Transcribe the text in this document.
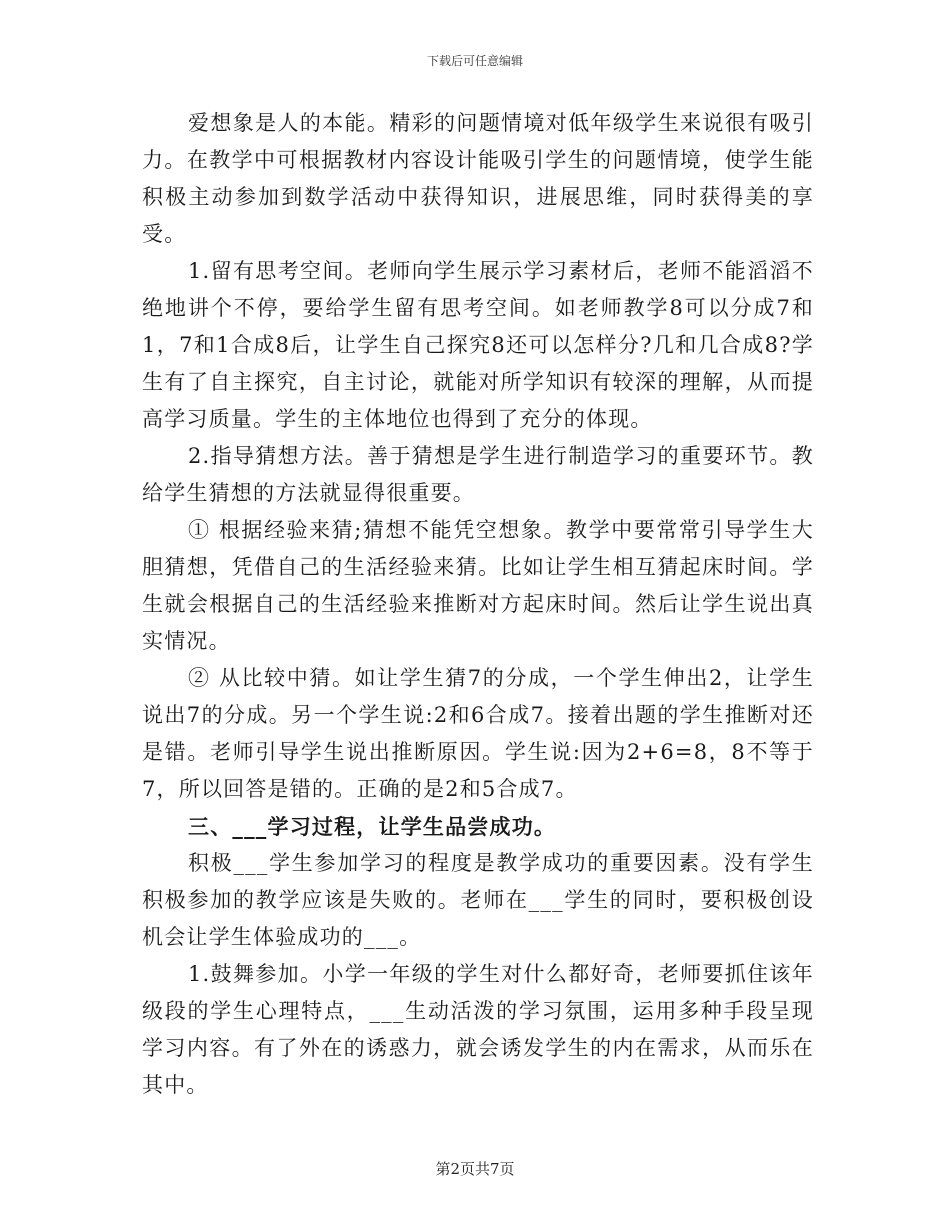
下载后可任意编辑

爱想象是人的本能。精彩的问题情境对低年级学生来说很有吸引力。在教学中可根据教材内容设计能吸引学生的问题情境，使学生能积极主动参加到数学活动中获得知识，进展思维，同时获得美的享受。

1.留有思考空间。老师向学生展示学习素材后，老师不能滔滔不绝地讲个不停，要给学生留有思考空间。如老师教学8可以分成7和1，7和1合成8后，让学生自己探究8还可以怎样分?几和几合成8?学生有了自主探究，自主讨论，就能对所学知识有较深的理解，从而提高学习质量。学生的主体地位也得到了充分的体现。

2.指导猜想方法。善于猜想是学生进行制造学习的重要环节。教给学生猜想的方法就显得很重要。

① 根据经验来猜;猜想不能凭空想象。教学中要常常引导学生大胆猜想，凭借自己的生活经验来猜。比如让学生相互猜起床时间。学生就会根据自己的生活经验来推断对方起床时间。然后让学生说出真实情况。

② 从比较中猜。如让学生猜7的分成，一个学生伸出2，让学生说出7的分成。另一个学生说:2和6合成7。接着出题的学生推断对还是错。老师引导学生说出推断原因。学生说:因为2+6=8，8不等于7，所以回答是错的。正确的是2和5合成7。

三、___学习过程，让学生品尝成功。

积极___学生参加学习的程度是教学成功的重要因素。没有学生积极参加的教学应该是失败的。老师在___学生的同时，要积极创设机会让学生体验成功的___。

1.鼓舞参加。小学一年级的学生对什么都好奇，老师要抓住该年级段的学生心理特点，___生动活泼的学习氛围，运用多种手段呈现学习内容。有了外在的诱惑力，就会诱发学生的内在需求，从而乐在其中。

第2页共7页
